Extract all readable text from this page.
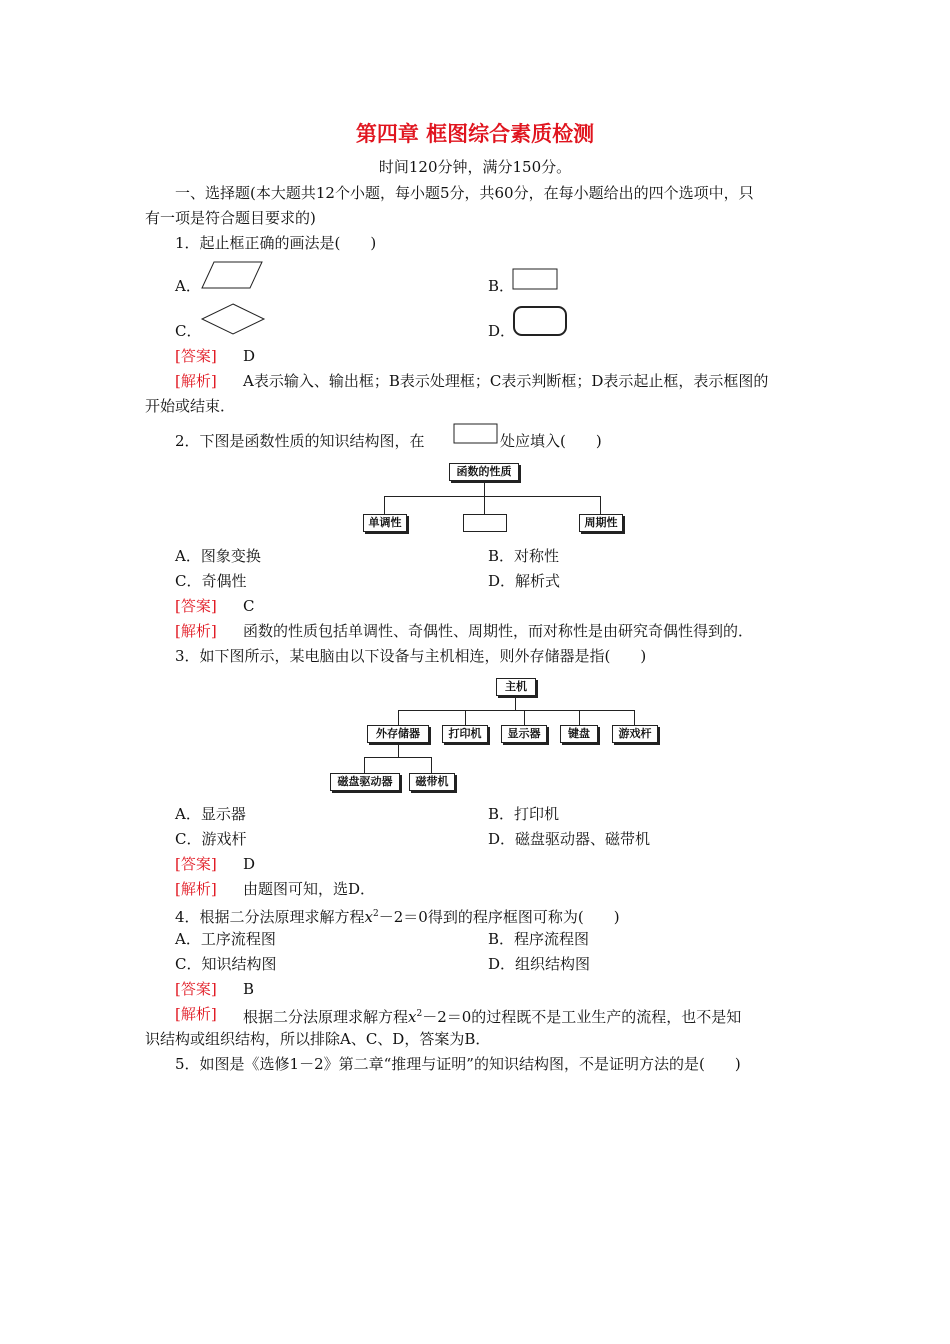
第四章 框图综合素质检测
时间120分钟，满分150分。
一、选择题(本大题共12个小题，每小题5分，共60分，在每小题给出的四个选项中，只
有一项是符合题目要求的)
1．起止框正确的画法是(　　)
A．	B．
C．	D．
[答案] D
[解析] A表示输入、输出框；B表示处理框；C表示判断框；D表示起止框，表示框图的
开始或结束．
2．下图是函数性质的知识结构图，在	处应填入(　　)
函数的性质
单调性	周期性
A．图象变换	B．对称性
C．奇偶性	D．解析式
[答案] C
[解析] 函数的性质包括单调性、奇偶性、周期性，而对称性是由研究奇偶性得到的．
3．如下图所示，某电脑由以下设备与主机相连，则外存储器是指(　　)
主机
外存储器	打印机	显示器	键盘	游戏杆
磁盘驱动器	磁带机
A．显示器	B．打印机
C．游戏杆	D．磁盘驱动器、磁带机
[答案] D
[解析] 由题图可知，选D．
4．根据二分法原理求解方程$x^2-2=0$得到的程序框图可称为(　　)
A．工序流程图	B．程序流程图
C．知识结构图	D．组织结构图
[答案] B
[解析] 根据二分法原理求解方程$x^2-2=0$的过程既不是工业生产的流程，也不是知
识结构或组织结构，所以排除A、C、D，答案为B．
5．如图是《选修1－2》第二章“推理与证明”的知识结构图，不是证明方法的是(　　)
